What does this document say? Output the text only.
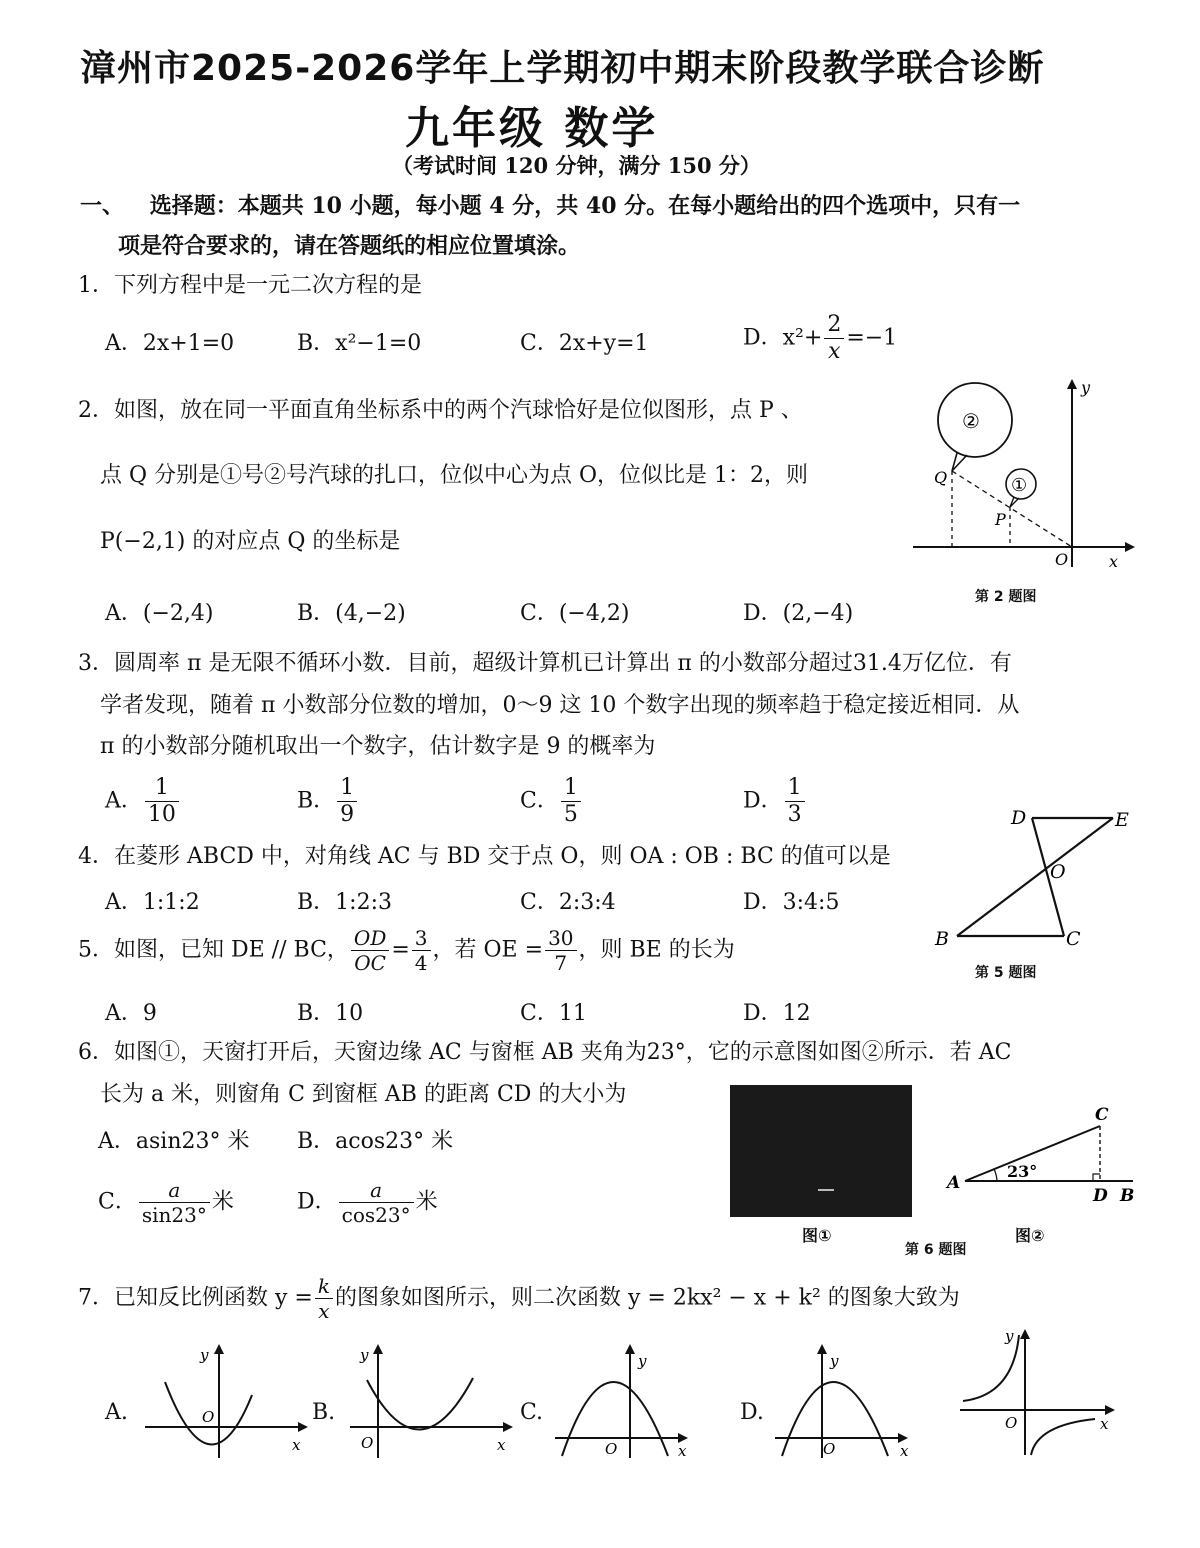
漳州市2025-2026学年上学期初中期末阶段教学联合诊断
九年级 数学
（考试时间 120 分钟，满分 150 分）
一、 选择题：本题共 10 小题，每小题 4 分，共 40 分。在每小题给出的四个选项中，只有一
项是符合要求的，请在答题纸的相应位置填涂。
1．下列方程中是一元二次方程的是
A．2x+1=0	B．x²−1=0	C．2x+y=1	D．$x^2+ \frac{2}{x} =-1$
2．如图，放在同一平面直角坐标系中的两个汽球恰好是位似图形，点 P 、
点 Q 分别是①号②号汽球的扎口，位似中心为点 O，位似比是 1：2，则
P(−2,1) 的对应点 Q 的坐标是
A．(−2,4)	B．(4,−2)	C．(−4,2)	D．(2,−4)
y
x
O
②
①
Q
P
第 2 题图
3．圆周率 π 是无限不循环小数．目前，超级计算机已计算出 π 的小数部分超过31.4万亿位．有
学者发现，随着 π 小数部分位数的增加，0～9 这 10 个数字出现的频率趋于稳定接近相同．从
π 的小数部分随机取出一个数字，估计数字是 9 的概率为
A． $\frac{1}{10}$	B． $\frac{1}{9}$	C． $\frac{1}{5}$	D． $\frac{1}{3}$
4．在菱形 ABCD 中，对角线 AC 与 BD 交于点 O，则 OA : OB : BC 的值可以是
A．1:1:2	B．1:2:3	C．2:3:4	D．3:4:5
D	E
O
B	C
第 5 题图
5．如图，已知 DE // BC， $\frac{OD}{OC} = \frac{3}{4}$ ，若 OE = $\frac{30}{7}$ ，则 BE 的长为
A．9	B．10	C．11	D．12
6．如图①，天窗打开后，天窗边缘 AC 与窗框 AB 夹角为23°，它的示意图如图②所示．若 AC
长为 a 米，则窗角 C 到窗框 AB 的距离 CD 的大小为
A．asin23° 米 B．acos23° 米
C． $\frac{a}{\sin 23^\circ}$ 米	D． $\frac{a}{\cos 23^\circ}$ 米
图①
第 6 题图
A
C
D B
23°
图②
7．已知反比例函数 $y = \frac{k}{x}$ 的图象如图所示，则二次函数 y = 2kx² − x + k² 的图象大致为
A.
y
x
O	B.
y
x
O
C.
y
x
O
D.
y
x
O
y
x
O
